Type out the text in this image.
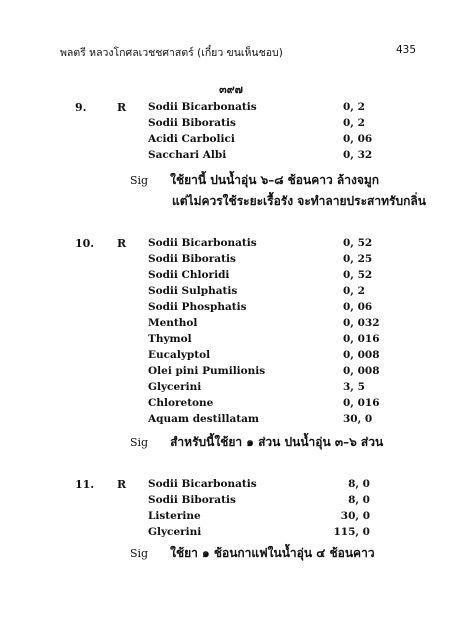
พลตรี หลวงโกศลเวชชศาสตร์ (เกี๋ยว ขนเห็นชอบ)	435
๓๙๗
9.	R Sodii Bicarbonatis	0, 2
Sodii Biboratis	0, 2
Acidi Carbolici	0, 06
Sacchari Albi	0, 32
Sig ใช้ยานี้ ปนน้ำอุ่น ๖–๘ ช้อนคาว ล้างจมูก
แต่ไม่ควรใช้ระยะเรื้อรัง จะทำลายประสาทรับกลิ่น
10. R Sodii Bicarbonatis	0, 52
Sodii Biboratis	0, 25
Sodii Chloridi	0, 52
Sodii Sulphatis	0, 2
Sodii Phosphatis	0, 06
Menthol	0, 032
Thymol	0, 016
Eucalyptol	0, 008
Olei pini Pumilionis	0, 008
Glycerini	3, 5
Chloretone	0, 016
Aquam destillatam	30, 0
Sig สำหรับนี้ใช้ยา ๑ ส่วน ปนน้ำอุ่น ๓–๖ ส่วน
11. R Sodii Bicarbonatis	8, 0
Sodii Biboratis	8, 0
Listerine	30, 0
Glycerini	115, 0
Sig ใช้ยา ๑ ช้อนกาแฟในน้ำอุ่น ๔ ช้อนคาว
